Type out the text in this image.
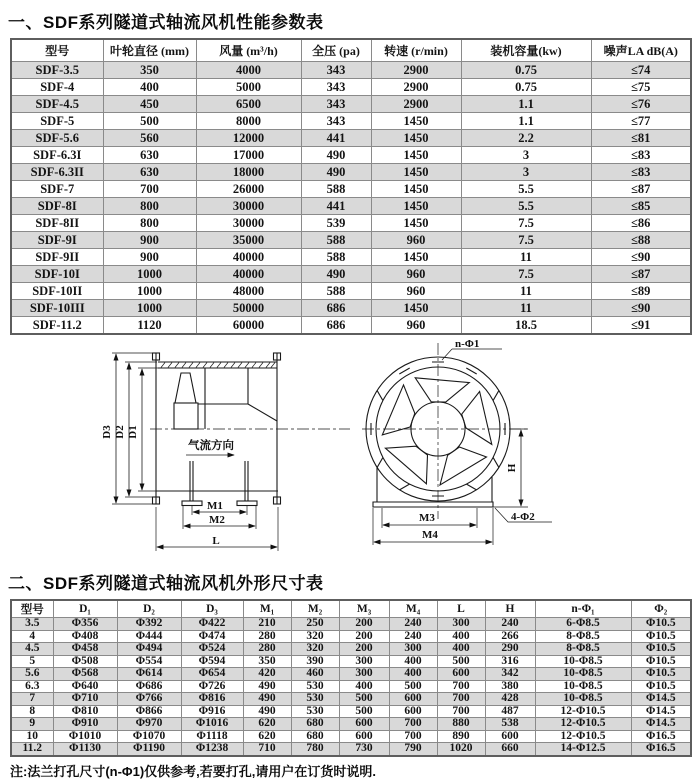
一、SDF系列隧道式轴流风机性能参数表
型号	叶轮直径 (mm)	风量 (m³/h)	全压 (pa)	转速 (r/min)	装机容量(kw)	噪声LA dB(A)
SDF-3.5	350	4000	343	2900	0.75	≤74
SDF-4	400	5000	343	2900	0.75	≤75
SDF-4.5	450	6500	343	2900	1.1	≤76
SDF-5	500	8000	343	1450	1.1	≤77
SDF-5.6	560	12000	441	1450	2.2	≤81
SDF-6.3I	630	17000	490	1450	3	≤83
SDF-6.3II	630	18000	490	1450	3	≤83
SDF-7	700	26000	588	1450	5.5	≤87
SDF-8I	800	30000	441	1450	5.5	≤85
SDF-8II	800	30000	539	1450	7.5	≤86
SDF-9I	900	35000	588	960	7.5	≤88
SDF-9II	900	40000	588	1450	11	≤90
SDF-10I	1000	40000	490	960	7.5	≤87
SDF-10II	1000	48000	588	960	11	≤89
SDF-10III	1000	50000	686	1450	11	≤90
SDF-11.2	1120	60000	686	960	18.5	≤91
气流方向
D3 D2 D1
M1
M2
L
n-Φ1
H
M3
M4
4-Φ2
二、SDF系列隧道式轴流风机外形尺寸表
型号	D₁	D₂	D₃	M₁	M₂	M₃	M₄	L	H	n-Φ₁	Φ₂
3.5	Φ356	Φ392	Φ422	210	250	200	240	300	240	6-Φ8.5	Φ10.5
4	Φ408	Φ444	Φ474	280	320	200	240	400	266	8-Φ8.5	Φ10.5
4.5	Φ458	Φ494	Φ524	280	320	200	300	400	290	8-Φ8.5	Φ10.5
5	Φ508	Φ554	Φ594	350	390	300	400	500	316	10-Φ8.5	Φ10.5
5.6	Φ568	Φ614	Φ654	420	460	300	400	600	342	10-Φ8.5	Φ10.5
6.3	Φ640	Φ686	Φ726	490	530	400	500	700	380	10-Φ8.5	Φ10.5
7	Φ710	Φ766	Φ816	490	530	500	600	700	428	10-Φ8.5	Φ14.5
8	Φ810	Φ866	Φ916	490	530	500	600	700	487	12-Φ10.5	Φ14.5
9	Φ910	Φ970	Φ1016	620	680	600	700	880	538	12-Φ10.5	Φ14.5
10	Φ1010	Φ1070	Φ1118	620	680	600	700	890	600	12-Φ10.5	Φ16.5
11.2	Φ1130	Φ1190	Φ1238	710	780	730	790	1020	660	14-Φ12.5	Φ16.5
注:法兰打孔尺寸(n-Φ1)仅供参考,若要打孔,请用户在订货时说明.
